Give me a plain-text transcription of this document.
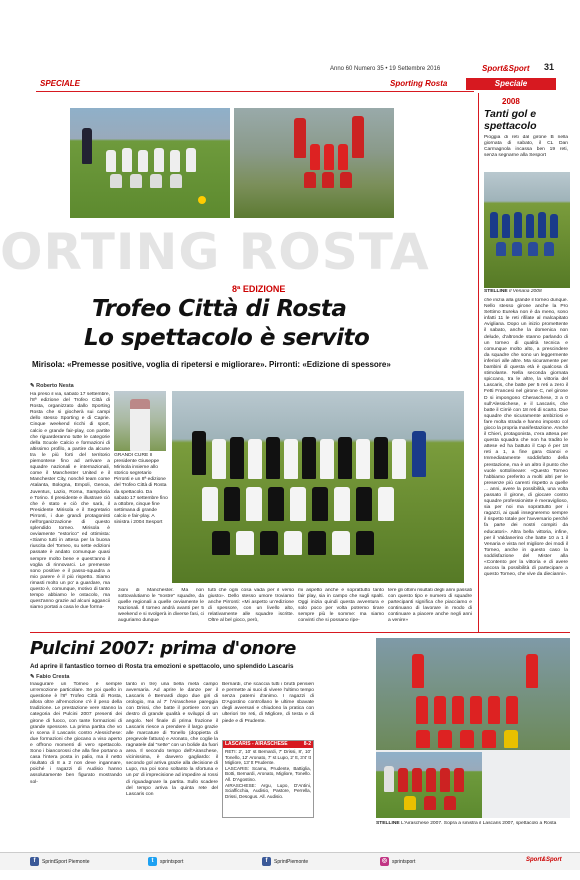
Anno 60 Numero 35 • 19 Settembre 2016	Sport&Sport 31
SPECIALE	Sporting Rosta	Speciale
ORTING ROSTA
2008
Tanti gol e spettacolo
Pioggia di reti dal girone B nella giornata di sabato, il CL Dan Carmagnola incassa ben 19 reti, senza segnarne alla Sesport
STELLINE Il Venaria 2008
che inizia alla grande il torneo dunque. Nello stesso girone anche la Pro Settimo Eureka non è da meno, sono infatti 11 le reti rifilate al malcapitato Avigliana. Dopo un inizio promettente il sabato, anche la domenica non delude, d'altronde stanno parlando di un torneo di qualità tecnica e comunque molto alto, a prescindere da squadre che sono un leggermente inferiori alle altre. Ma sicuramente per bambini di questa età è qualcosa di stimolante. Nella seconda giornata spiccano, tra le altre, la vittoria del Lascaris, che batte per 5 reti a zero il Fetti Francesi nel girone C, nel girone D si impongono Cheraschese, 3 a 0 sull'Alessichese, e il Lascaris, che batte il Cirriè con 18 reti di scarto. Due squadre che sicuramente ambiziosi e fare molta strada e hanno imposto col gioco la propria manifestazione. Anche il Chieri, protagonista, c'era attesa per questa squadra che non ha tradito le attese ed ha battuto il Cap é per 18 reti a 1, a fine gara Gianoi e Immediatamente soddisfatto della prestazione, ma è un altro il punto che vuole sottolineare: «Questo Torneo l'abbiamo preferito a molti altri per le presenze più carenti rispetto a quelle ... anni, avere la possibilità, una volta passato il girone, di giocare contro squadre professioniste è meraviglioso, sia per noi ma soprattutto per i ragazzi, ai quali insegneremo sempre il rispetto totale per l'avversario perché fa parte dei nostri compiti da educatori». Altra bella vittoria, infine, per il Valdanerino che batte 10 a 1 il Venaria e vista nel migliore dei modi il Torneo, anche in questo caso la soddisfazione del Mister alla «Contento per la vittoria e di avere ancora la possibilità di partecipare a questo Torneo, che vive da diecianni».
8ª EDIZIONE
Trofeo Città di Rosta
Lo spettacolo è servito
Mirisola: «Premesse positive, voglia di ripetersi e migliorare». Pirronti: «Edizione di spessore»
✎ Roberto Nesta
Ha preso il via, sabato 17 settembre, l'8ª edizione del Trofeo Città di Rosta, organizzato dallo Sporting Rosta che si giocherà sui campi dello stesso Sporting e di Caprie. Cinque weekend ricchi di sport, calcio e grande fair-play, con partite che riguarderanno tutte le categorie della Scuole Calcio e formazioni di altissimo profilo, a partire da alcune tra le più forti del territorio piemontese fino ad arrivare a squadre nazionali e internazionali, come il Manchester United e il Manchester City, nonché team come Atalanta, Bologna, Empoli, Genoa, Juventus, Lazio, Roma, Sampdoria e Torino. Il presidente e illustrare ciò che è stato e ciò che sarà, il Presidente Mirisola e il Segretario Pirronti, i due grandi protagonisti nell'organizzazione di questo splendido torneo. Mirisola è ovviamente "estorico" ed ottimista: «Siamo tutti in attesa per la buona riuscita del Torneo, su sette edizioni passate è andato comunque quasi sempre molto bene e quest'anno il voglia di rinnovarci. Le premesse sono positive e il passo-squadra a mio parere è il più rispetto. Siamo rimasti molto un po' a guardare, ma questo è, comunque, motivo di tanto tempo abbiamo le ostacolo, ma quest'anno grazie ad alcuni aggancii siamo portati a casa le due forma-
GRANDI CURE Il presidente Giuseppe Mirisola insieme allo storico segretario Pirronti e un 8ª edizione del Trofeo Città di Rosta da spettacolo. Da sabato 17 settembre fino a ottobre, cinque fine settimana di grande calcio e fair-play. A sinistra i 2004 Sesport
zioni di Manchester. Ma non sottovalutiamo le "nostre" squadre, da quelle regionali a quelle ovviamente le Nazionali. Il torneo andrà avanti per 5 weekend e si svolgerà in diverse fasi, ci auguriamo dunque
tutti che ogni cosa vada per il verso giusto». Dello stesso umore troviamo anche Pirronti: «Mi aspetto un'edizione di spessore, con un livello alto, relativamente alle squadre iscritte. Oltre al bel gioco, però,
mi aspetto anche e soprattutto tanto fair play, sia in campo che sugli spalti. Oggi inizia quindi questa avventura e solo poco per volta potremo tirare sempre più le somme: ma siamo convinti che si possano ripe-
tere gli ottimi risultati degli anni passati con questo tipo e numero di squadre partecipanti significa che piacciamo e continuano di lavorare in modo di continuare a piacere anche negli anni a venire»
Pulcini 2007: prima d'onore
Ad aprire il fantastico torneo di Rosta tra emozioni e spettacolo, uno splendido Lascaris
✎ Fabio Cresta
Inaugurare un Torneo è sempre un'emozione particolare. Se poi quello in questione è l'8º Trofeo Città di Rosta, allora oltre all'emozione c'è il peso della tradizione. Le prestazione vere stanno la categoria dei Pulcini 2007 presenti dei girone di fuoco, con tante formazioni di grande spessore. La prima partita che vo in scena il Lascaris contro Alessichese: due formazioni che giocano a viso aperto e offrono momenti di vero spettacolo. Sono i biancorossi che alla fine portano a casa l'intera posta in palio, ma il netto risultato di 8 a 2 non deve ingannare, poiché i ragazzi di Audisio hanno assolutamente ben figurato mostrando sol-
tanto in tre) una bella metà campo avversaria. Ad aprire le danze per il Lascaris è Bernardi dopo due giri di orologio, ma al 7' l'Airaschese pareggia con Drissi, che batte il portiere con un destro di grande qualità e sviluppi di un angolo. Nel finale di prima frazione il Lascaris riesce a prendere il largo grazie alle marcature di Tonello (doppietta di pregevole fattura) e Aronato, che coglie la ragnatele dal "sette" con un bolide da fuori area. Il secondo tempo dell'Airaschese, vicinissima, è davvero gagliardo: il secondo gol arriva grazie alla decisione di Lupo, ma poi sono soltanto la sfortuna e un po' di imprecisione ad impedire ai rossi di riguadagnare la partita. Sullo scadere del tempo arriva la quinta rete del Lascaris con
Bernardi, che scaccia tutti i brutti pensieri e permette ai suoi di vivere l'ultimo tempo senza patemi d'animo. I ragazzi di D'Agostino controllano le ultime sbavate degli avversari e chiudono la pratica con ulteriori tre reti, di Migliore, di testa e di piede e di Prudente.
LASCARIS - AIRASCHESE	8-2
RETI: 2', 10' st Bernardi, 7' Drissi, 8', 10' Tonello, 12' Aronato, 7' st Lupo, 2' tt, 3'4' tt Migliore, 13' tt Prudente.
LASCARIS: Scamu, Prudente, Battiglia, Botti, Bernardi, Aronato, Migliore, Tonello. All. D'Agostino.
AIRASCHESE: Argu, Lupo, D'Antini, Sciafficchia, Audisio, Pastore, Perrella, Drissi, Desogus. All. Audisio.
STELLINE L'Airaschese 2007. Sopra a sinistra il Lascaris 2007, spettacolo a Rosta
f	SprintSport Piemonte	t	sprintsport	f	SprintPiemonte	◎ sprintsport	Sport&Sport
